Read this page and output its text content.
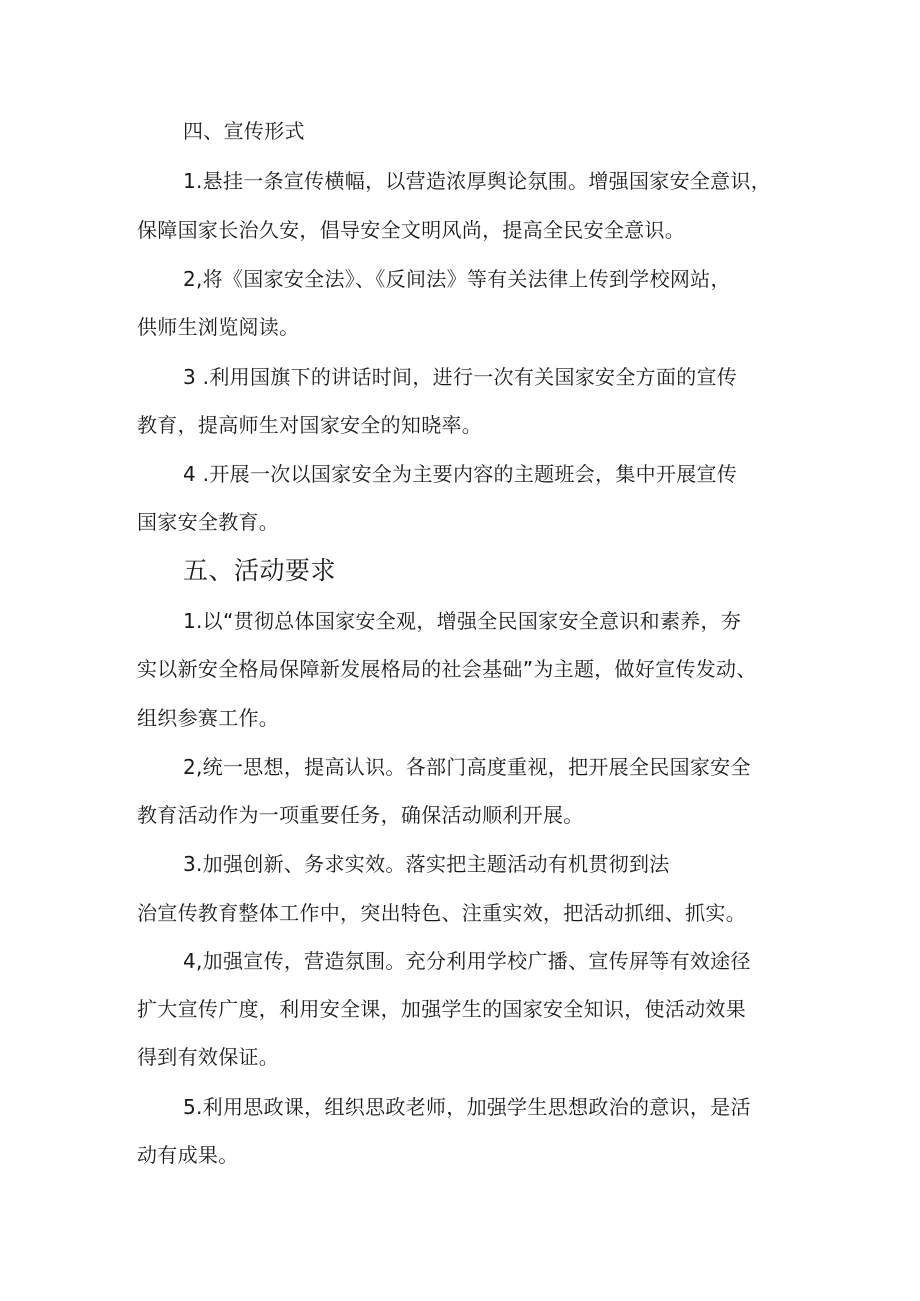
四、宣传形式
1.悬挂一条宣传横幅，以营造浓厚舆论氛围。增强国家安全意识，
保障国家长治久安，倡导安全文明风尚，提高全民安全意识。
2,将《国家安全法》、《反间法》等有关法律上传到学校网站，
供师生浏览阅读。
3 .利用国旗下的讲话时间，进行一次有关国家安全方面的宣传
教育，提高师生对国家安全的知晓率。
4 .开展一次以国家安全为主要内容的主题班会，集中开展宣传
国家安全教育。
五、活动要求
1.以“贯彻总体国家安全观，增强全民国家安全意识和素养，夯
实以新安全格局保障新发展格局的社会基础”为主题，做好宣传发动、
组织参赛工作。
2,统一思想，提高认识。各部门高度重视，把开展全民国家安全
教育活动作为一项重要任务，确保活动顺利开展。
3.加强创新、务求实效。落实把主题活动有机贯彻到法
治宣传教育整体工作中，突出特色、注重实效，把活动抓细、抓实。
4,加强宣传，营造氛围。充分利用学校广播、宣传屏等有效途径
扩大宣传广度，利用安全课，加强学生的国家安全知识，使活动效果
得到有效保证。
5.利用思政课，组织思政老师，加强学生思想政治的意识，是活
动有成果。
